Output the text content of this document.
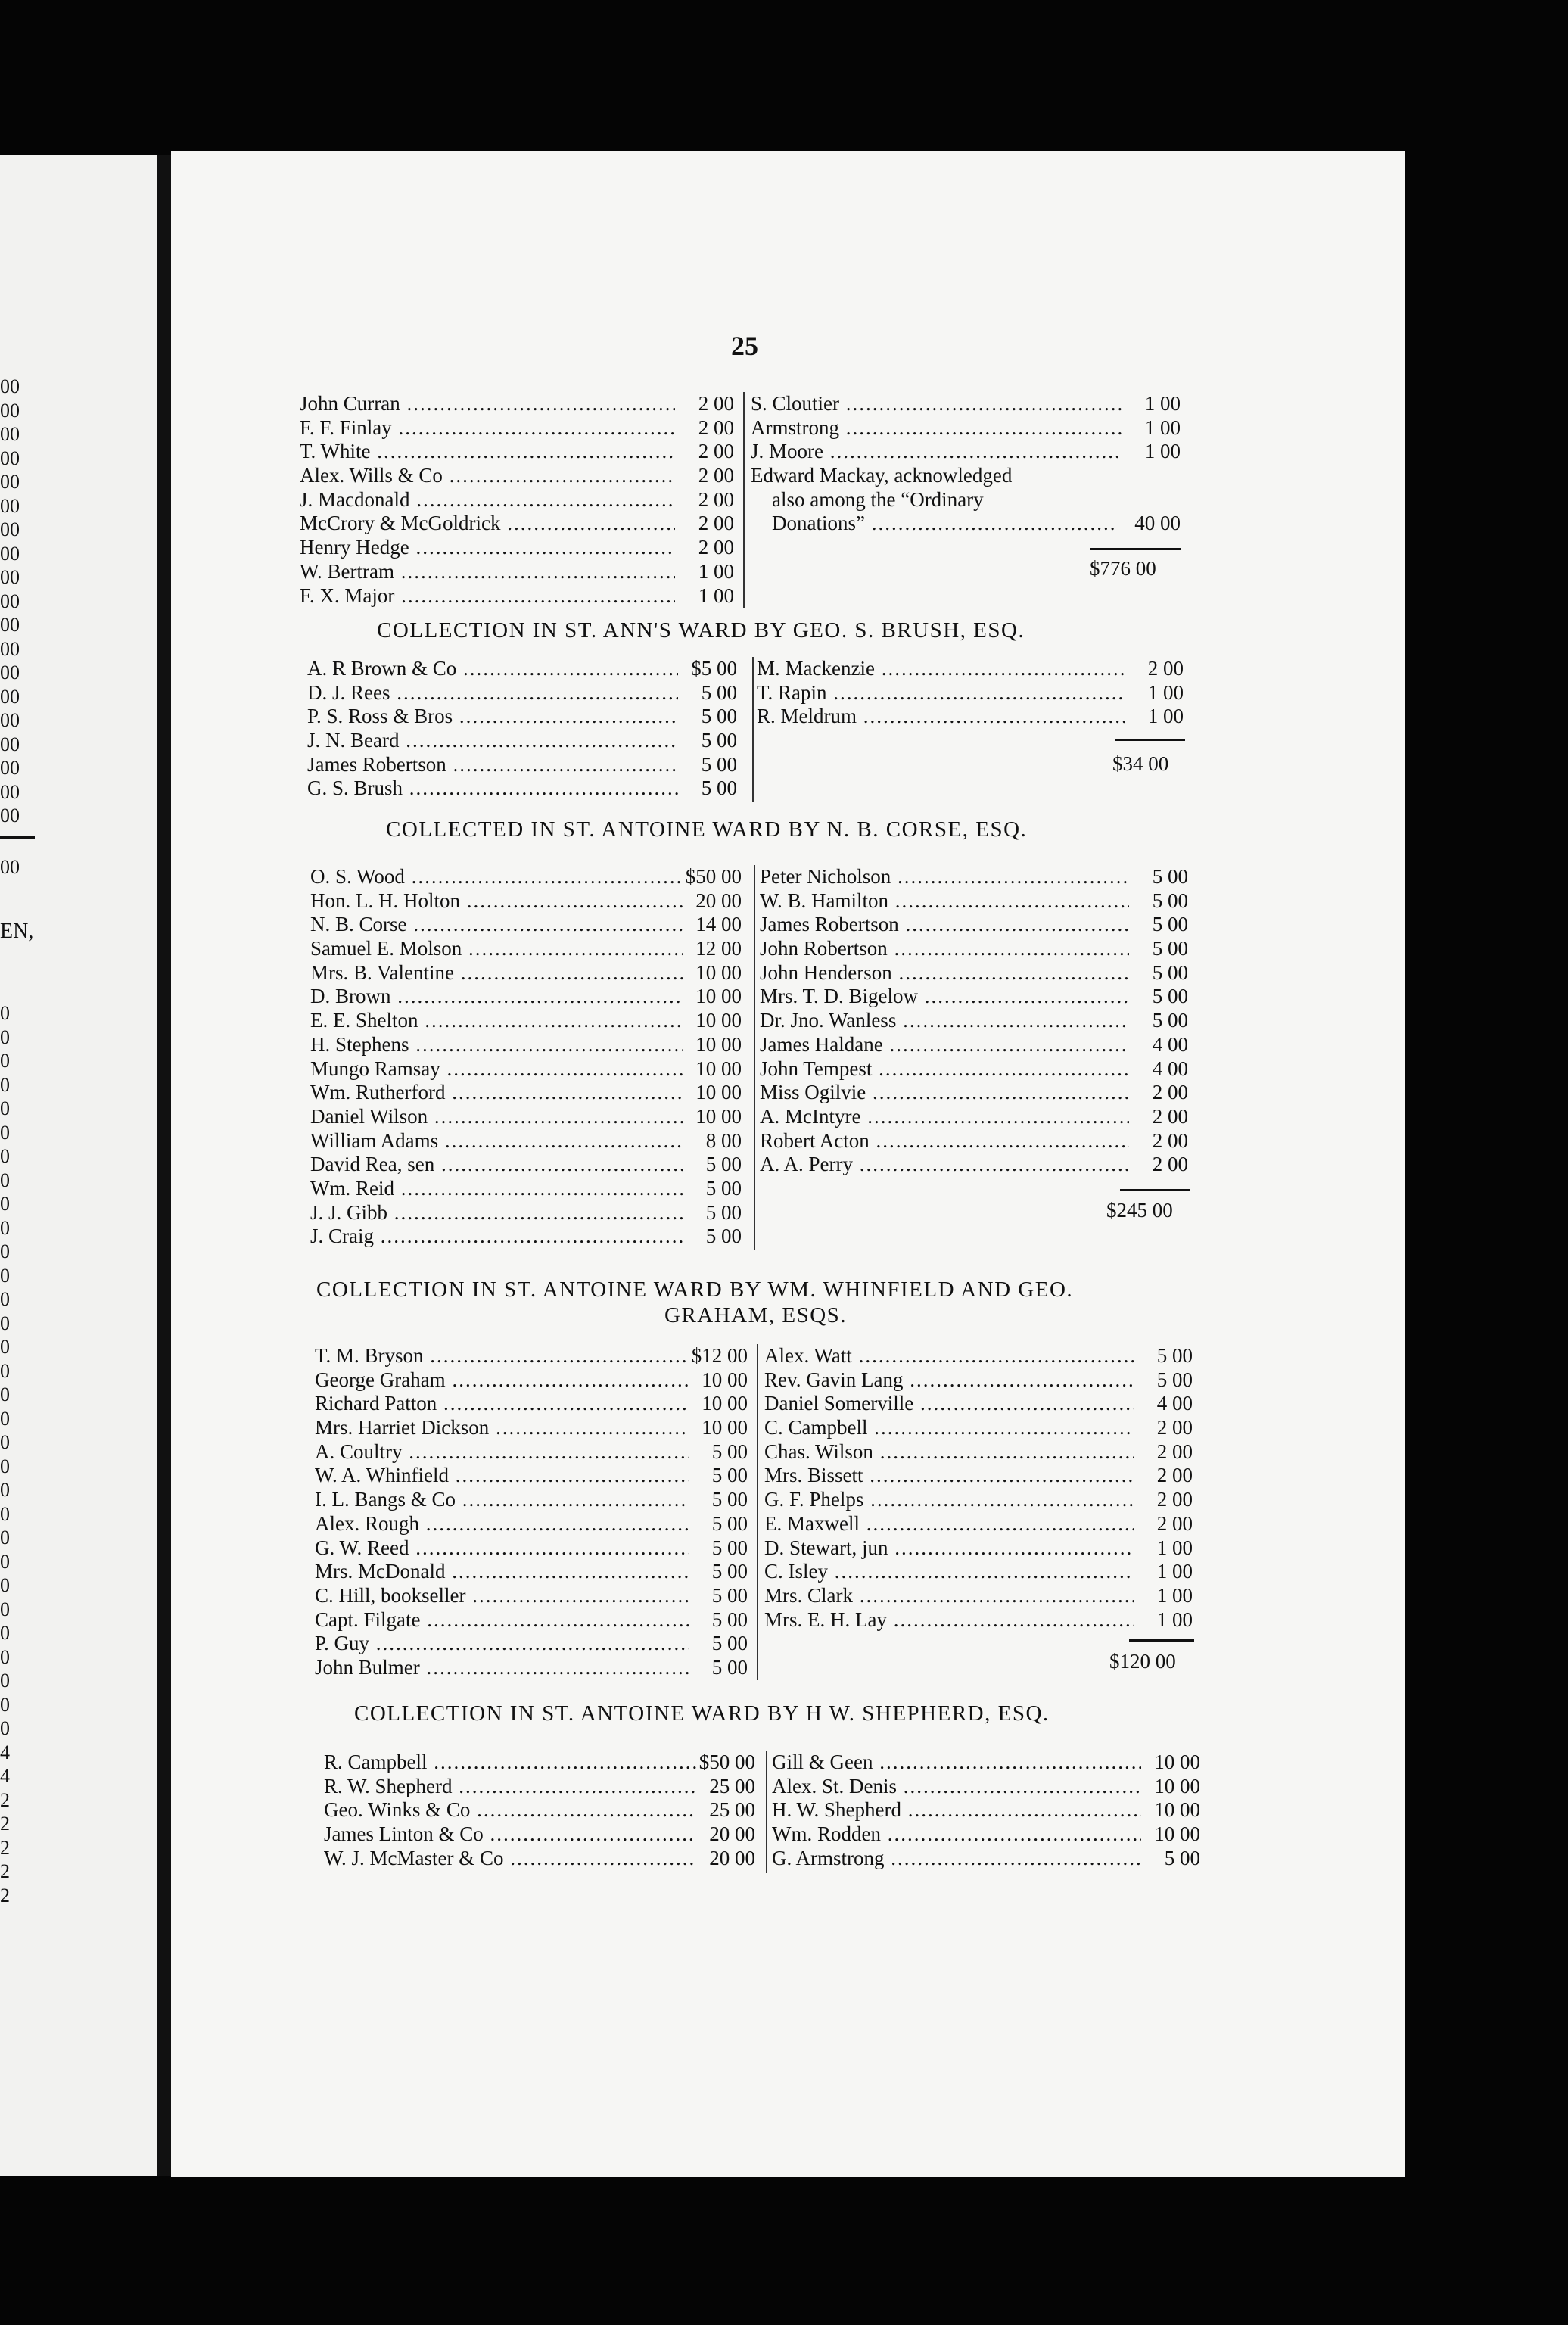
00
00
00
00
00
00
00
00
00
00
00
00
00
00
00
00
00
00
00
00
EN,
0
0
0
0
0
0
0
0
0
0
0
0
0
0
0
0
0
0
0
0
0
0
0
0
0
0
0
0
0
0
0
4
4
2
2
2
2
2
25
John Curran .....	2 00
F. F. Finlay .....	2 00
T. White .....	2 00
Alex. Wills & Co .....	2 00
J. Macdonald .....	2 00
McCrory & McGoldrick .....	2 00
Henry Hedge .....	2 00
W. Bertram .....	1 00
F. X. Major .....	1 00
S. Cloutier .....	1 00
Armstrong .....	1 00
J. Moore .....	1 00
Edward Mackay, acknowledged
also among the “Ordinary
Donations” .....	40 00
$776 00
COLLECTION IN ST. ANN'S WARD BY GEO. S. BRUSH, ESQ.
A. R Brown & Co .....	$5 00
D. J. Rees .....	5 00
P. S. Ross & Bros .....	5 00
J. N. Beard .....	5 00
James Robertson .....	5 00
G. S. Brush .....	5 00
M. Mackenzie .....	2 00
T. Rapin .....	1 00
R. Meldrum .....	1 00
$34 00
COLLECTED IN ST. ANTOINE WARD BY N. B. CORSE, ESQ.
O. S. Wood .....	$50 00
Hon. L. H. Holton .....	20 00
N. B. Corse .....	14 00
Samuel E. Molson .....	12 00
Mrs. B. Valentine .....	10 00
D. Brown .....	10 00
E. E. Shelton .....	10 00
H. Stephens .....	10 00
Mungo Ramsay .....	10 00
Wm. Rutherford .....	10 00
Daniel Wilson .....	10 00
William Adams .....	8 00
David Rea, sen .....	5 00
Wm. Reid .....	5 00
J. J. Gibb .....	5 00
J. Craig .....	5 00
Peter Nicholson .....	5 00
W. B. Hamilton .....	5 00
James Robertson .....	5 00
John Robertson .....	5 00
John Henderson .....	5 00
Mrs. T. D. Bigelow .....	5 00
Dr. Jno. Wanless .....	5 00
James Haldane .....	4 00
John Tempest .....	4 00
Miss Ogilvie .....	2 00
A. McIntyre .....	2 00
Robert Acton .....	2 00
A. A. Perry .....	2 00
$245 00
COLLECTION IN ST. ANTOINE WARD BY WM. WHINFIELD AND GEO.
GRAHAM, ESQS.
T. M. Bryson .....	$12 00
George Graham .....	10 00
Richard Patton .....	10 00
Mrs. Harriet Dickson .....	10 00
A. Coultry .....	5 00
W. A. Whinfield .....	5 00
I. L. Bangs & Co .....	5 00
Alex. Rough .....	5 00
G. W. Reed .....	5 00
Mrs. McDonald .....	5 00
C. Hill, bookseller .....	5 00
Capt. Filgate .....	5 00
P. Guy .....	5 00
John Bulmer .....	5 00
Alex. Watt .....	5 00
Rev. Gavin Lang .....	5 00
Daniel Somerville .....	4 00
C. Campbell .....	2 00
Chas. Wilson .....	2 00
Mrs. Bissett .....	2 00
G. F. Phelps .....	2 00
E. Maxwell .....	2 00
D. Stewart, jun .....	1 00
C. Isley .....	1 00
Mrs. Clark .....	1 00
Mrs. E. H. Lay .....	1 00
$120 00
COLLECTION IN ST. ANTOINE WARD BY H W. SHEPHERD, ESQ.
R. Campbell .....	$50 00
R. W. Shepherd .....	25 00
Geo. Winks & Co .....	25 00
James Linton & Co .....	20 00
W. J. McMaster & Co .....	20 00
Gill & Geen .....	10 00
Alex. St. Denis .....	10 00
H. W. Shepherd .....	10 00
Wm. Rodden .....	10 00
G. Armstrong .....	5 00
